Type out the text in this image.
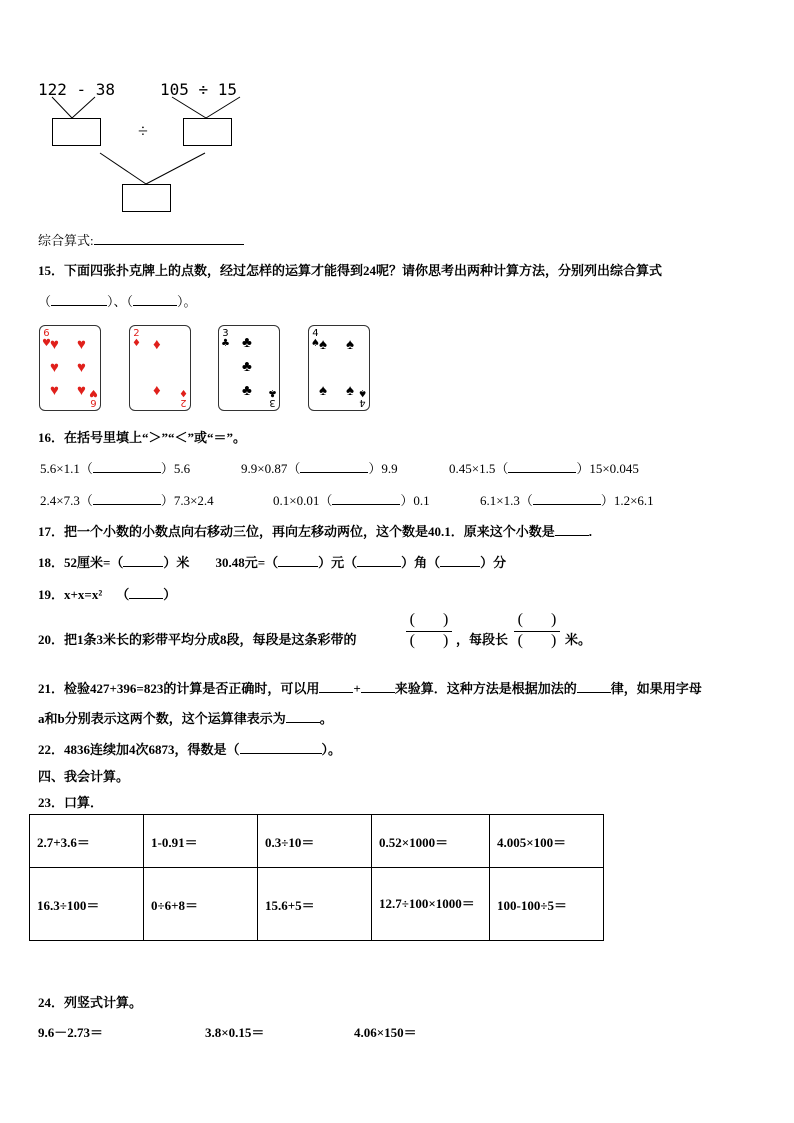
122 - 38	105 ÷ 15
÷
综合算式:
15．下面四张扑克牌上的点数，经过怎样的运算才能得到24呢？请你思考出两种计算方法，分别列出综合算式
（	）、（	）。
6
♥ ♥ ♥
♥ ♥
♥ ♥
6
♥
2
♦ ♦
♦
2
♦
3
♣ ♣
♣
♣
3
♣
4
♠ ♠ ♠
♠ ♠
4
♠
16．在括号里填上“＞”“＜”或“＝”。
5.6×1.1（	）5.6	9.9×0.87（	）9.9	0.45×1.5（	）15×0.045
2.4×7.3（	）7.3×2.4	0.1×0.01（	）0.1	6.1×1.3（	）1.2×6.1
17．把一个小数的小数点向右移动三位，再向左移动两位，这个数是40.1．原来这个小数是	.
18．52厘米=（	）米 30.48元=（	）元（	）角（	）分
19．x+x=x² （	）
20．把1条3米长的彩带平均分成8段，每段是这条彩带的
( )
( ) ，每段长
( )
( ) 米。
21．检验427+396=823的计算是否正确时，可以用	+	来验算．这种方法是根据加法的	律，如果用字母
a和b分别表示这两个数，这个运算律表示为	。
22．4836连续加4次6873，得数是（	）。
四、我会计算。
23．口算．
2.7+3.6＝	1-0.91＝	0.3÷10＝	0.52×1000＝	4.005×100＝
16.3÷100＝	0÷6+8＝	15.6+5＝	12.7÷100×1000＝	100-100÷5＝
24．列竖式计算。
9.6－2.73＝	3.8×0.15＝	4.06×150＝
